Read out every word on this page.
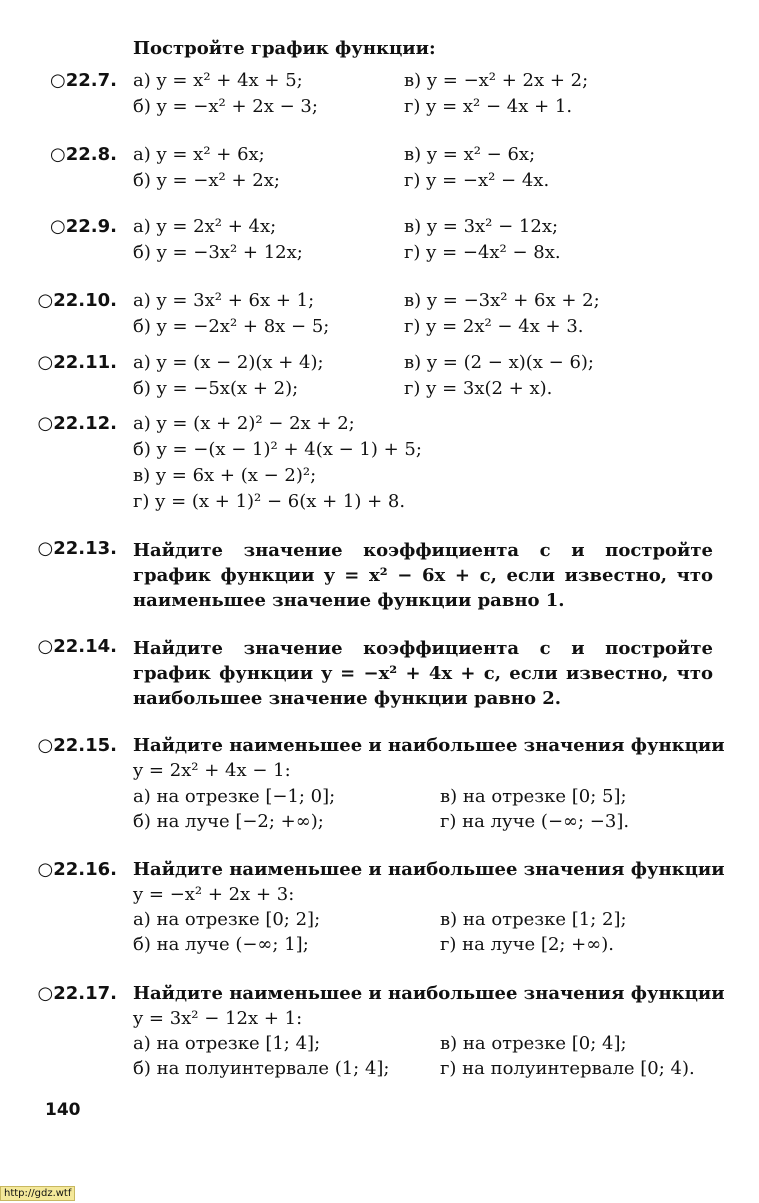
Постройте график функции:
○22.7. а) y = x² + 4x + 5;	в) y = −x² + 2x + 2;
б) y = −x² + 2x − 3;	г) y = x² − 4x + 1.
○22.8. а) y = x² + 6x;	в) y = x² − 6x;
б) y = −x² + 2x;	г) y = −x² − 4x.
○22.9. а) y = 2x² + 4x;	в) y = 3x² − 12x;
б) y = −3x² + 12x;	г) y = −4x² − 8x.
○22.10. а) y = 3x² + 6x + 1;	в) y = −3x² + 6x + 2;
б) y = −2x² + 8x − 5;	г) y = 2x² − 4x + 3.
○22.11. а) y = (x − 2)(x + 4);	в) y = (2 − x)(x − 6);
б) y = −5x(x + 2);	г) y = 3x(2 + x).
○22.12. а) y = (x + 2)² − 2x + 2;
б) y = −(x − 1)² + 4(x − 1) + 5;
в) y = 6x + (x − 2)²;
г) y = (x + 1)² − 6(x + 1) + 8.
○22.13. Найдите значение коэффициента c и постройте график функции y = x² − 6x + c, если известно, что наименьшее значение функции равно 1.
○22.14. Найдите значение коэффициента c и постройте график функции y = −x² + 4x + c, если известно, что наибольшее значение функции равно 2.
○22.15. Найдите наименьшее и наибольшее значения функции
y = 2x² + 4x − 1:
а) на отрезке [−1; 0];	в) на отрезке [0; 5];
б) на луче [−2; +∞);	г) на луче (−∞; −3].
○22.16. Найдите наименьшее и наибольшее значения функции
y = −x² + 2x + 3:
а) на отрезке [0; 2];	в) на отрезке [1; 2];
б) на луче (−∞; 1];	г) на луче [2; +∞).
○22.17. Найдите наименьшее и наибольшее значения функции
y = 3x² − 12x + 1:
а) на отрезке [1; 4];	в) на отрезке [0; 4];
б) на полуинтервале (1; 4];	г) на полуинтервале [0; 4).
140
http://gdz.wtf
